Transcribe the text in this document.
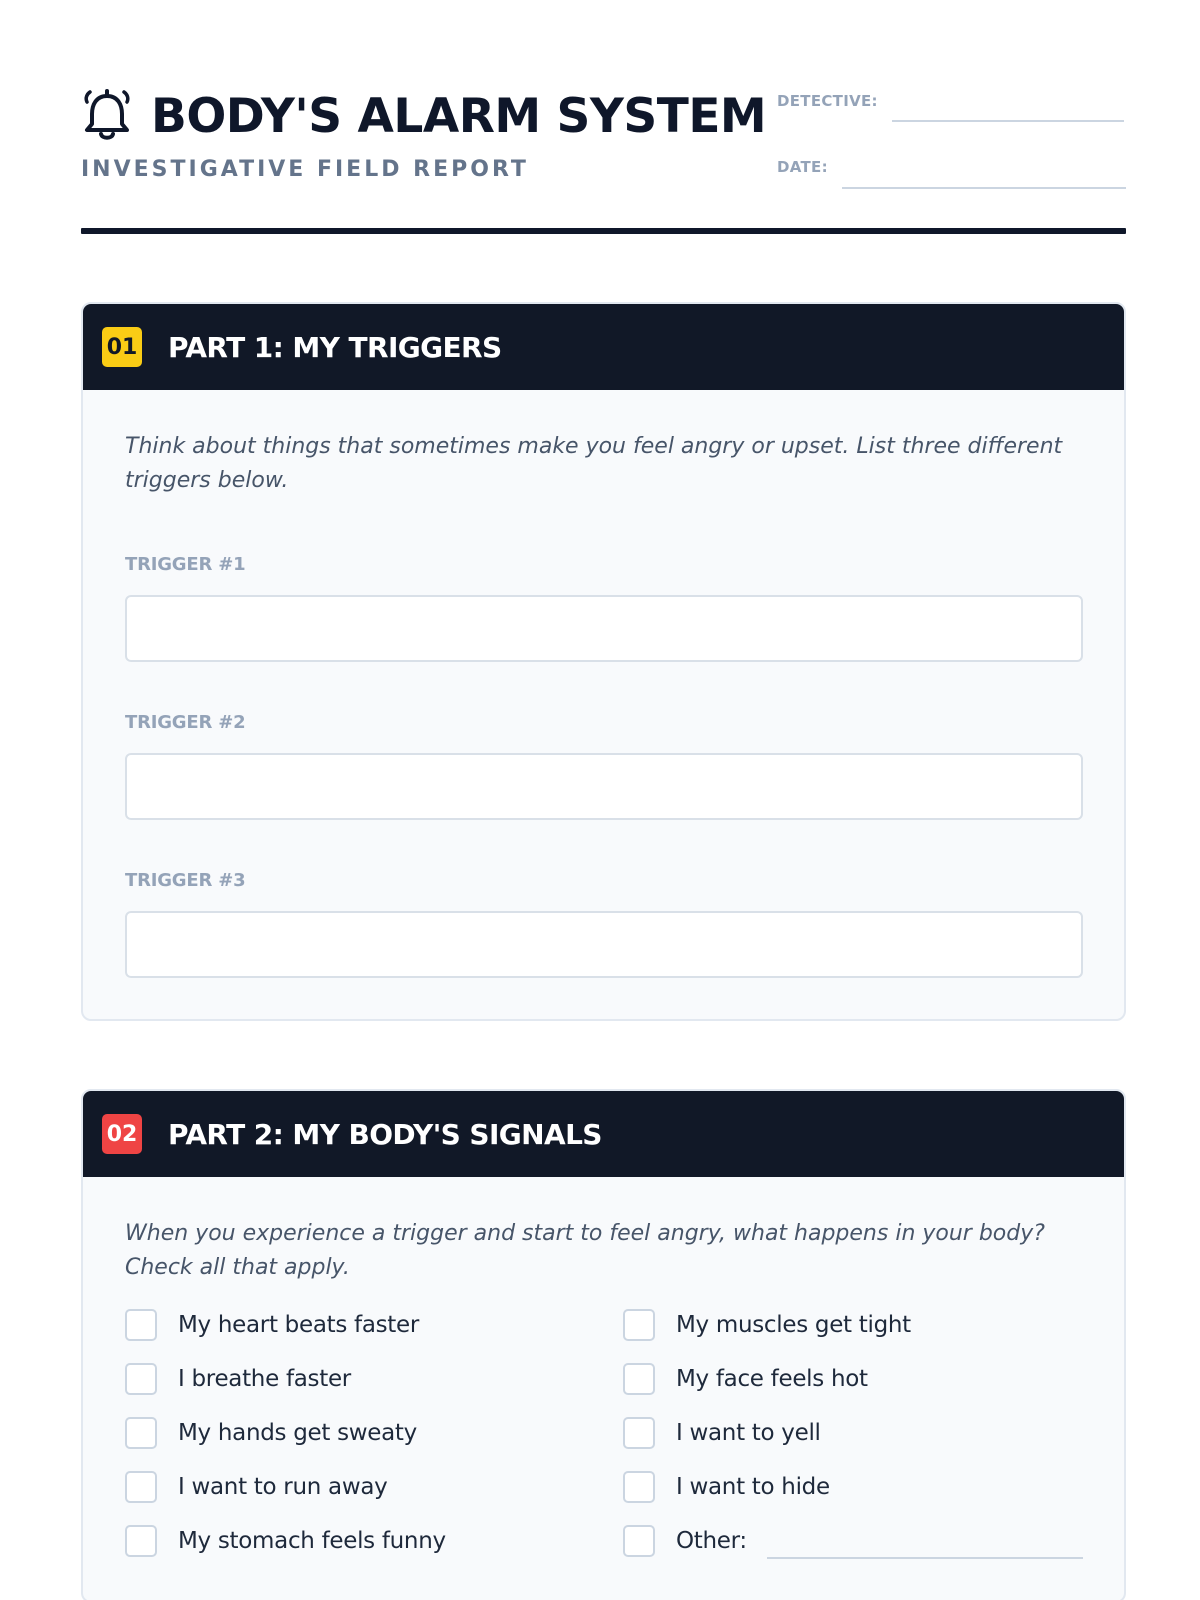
BODY'S ALARM SYSTEM
INVESTIGATIVE FIELD REPORT
DETECTIVE:
DATE:
01 PART 1: MY TRIGGERS

Think about things that sometimes make you feel angry or upset. List three different triggers below.

TRIGGER #1
TRIGGER #2
TRIGGER #3
02 PART 2: MY BODY'S SIGNALS

When you experience a trigger and start to feel angry, what happens in your body? Check all that apply.

My heart beats faster	My muscles get tight
I breathe faster	My face feels hot
My hands get sweaty	I want to yell
I want to run away	I want to hide
My stomach feels funny	Other:
